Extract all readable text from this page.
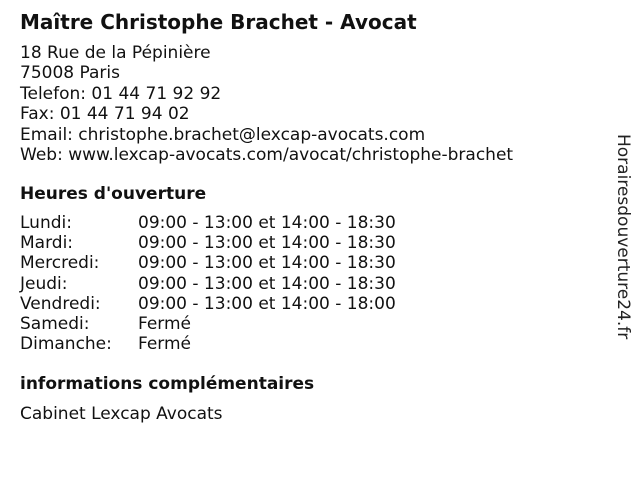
Maître Christophe Brachet - Avocat
18 Rue de la Pépinière
75008 Paris
Telefon: 01 44 71 92 92
Fax: 01 44 71 94 02
Email: christophe.brachet@lexcap-avocats.com
Web: www.lexcap-avocats.com/avocat/christophe-brachet
Heures d'ouverture
Lundi:	09:00 - 13:00 et 14:00 - 18:30
Mardi:	09:00 - 13:00 et 14:00 - 18:30
Mercredi: 09:00 - 13:00 et 14:00 - 18:30
Jeudi:	09:00 - 13:00 et 14:00 - 18:30
Vendredi: 09:00 - 13:00 et 14:00 - 18:00
Samedi:	Fermé
Dimanche: Fermé
informations complémentaires
Cabinet Lexcap Avocats
Horairesdouverture24.fr
